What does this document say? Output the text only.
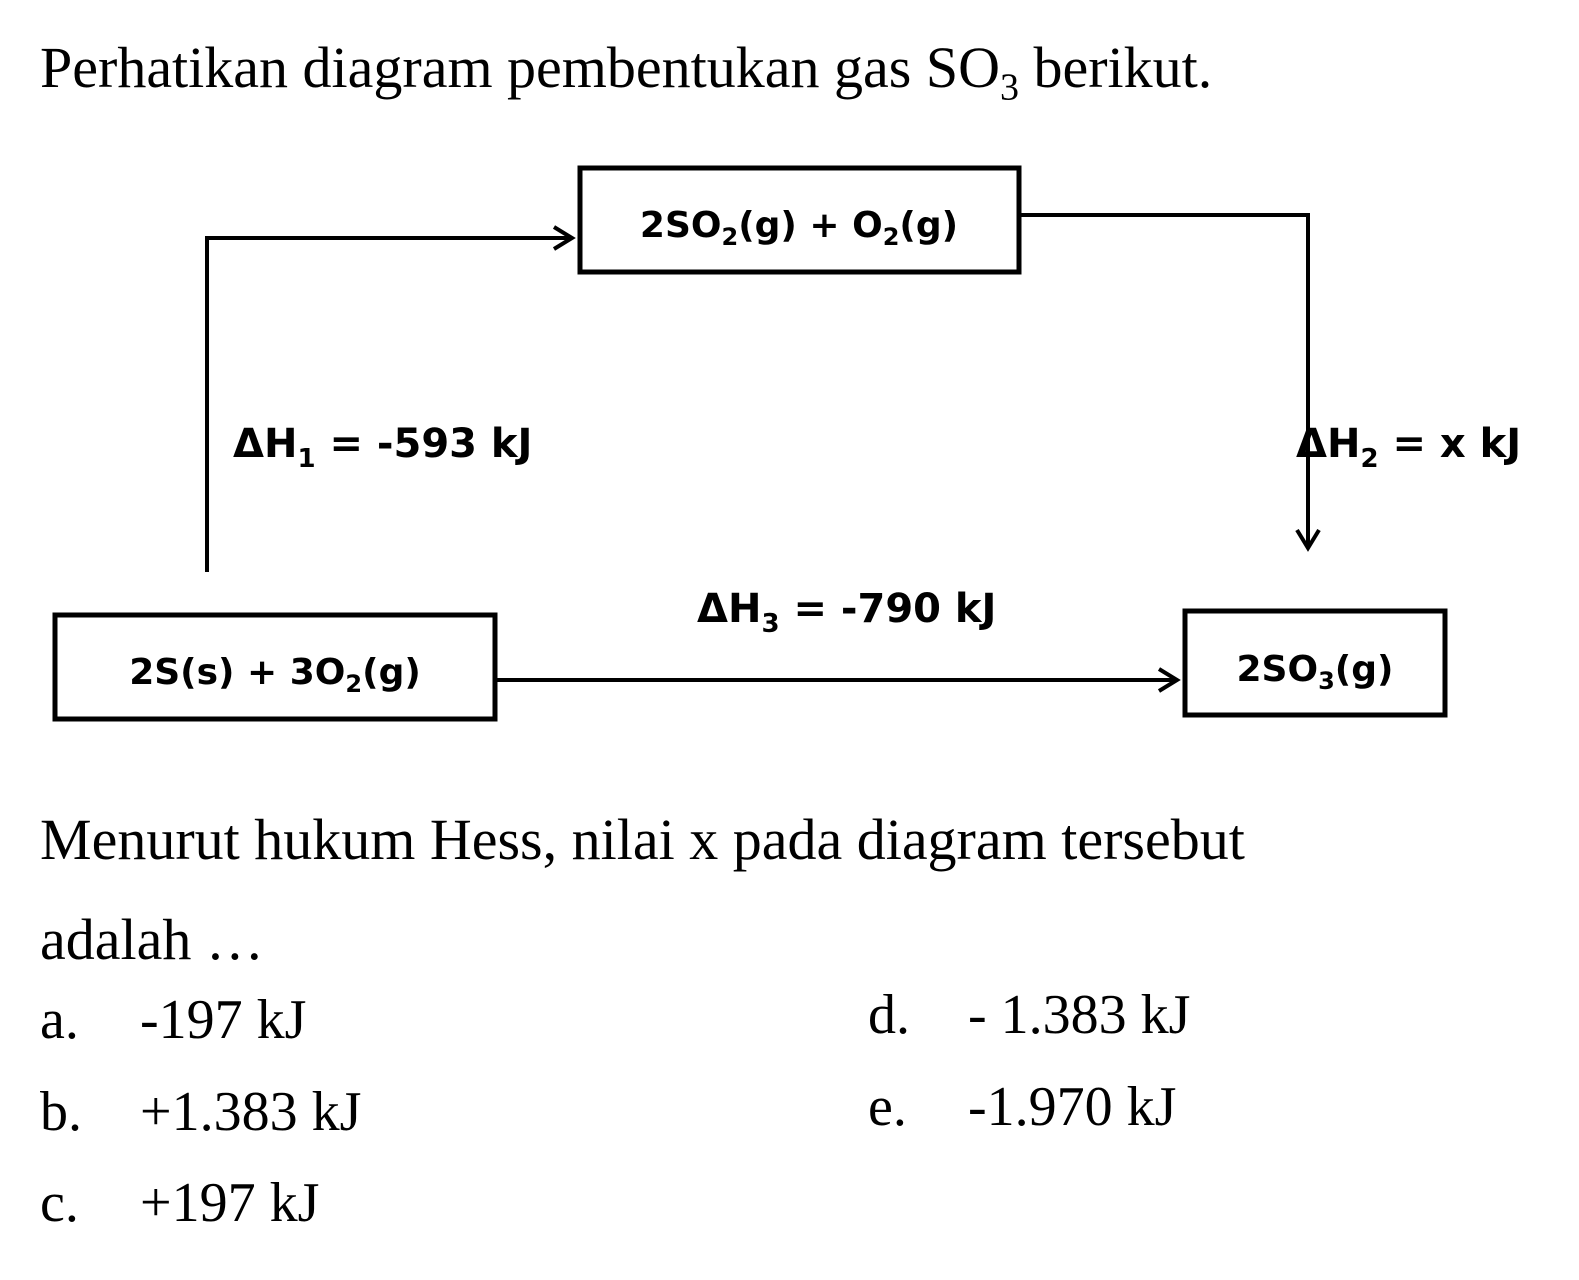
Perhatikan diagram pembentukan gas $SO_3$ berikut.
$2SO_2(g) + O_2(g)$
$2S(s) + 3O_2(g)$	$2SO_3(g)$
$\Delta H_1 = -593$ kJ	$\Delta H_2 = x$ kJ
$\Delta H_3 = -790$ kJ
Menurut hukum Hess, nilai x pada diagram tersebut
adalah …
a. -197 kJ
b. +1.383 kJ
c. +197 kJ
d. - 1.383 kJ
e. -1.970 kJ
